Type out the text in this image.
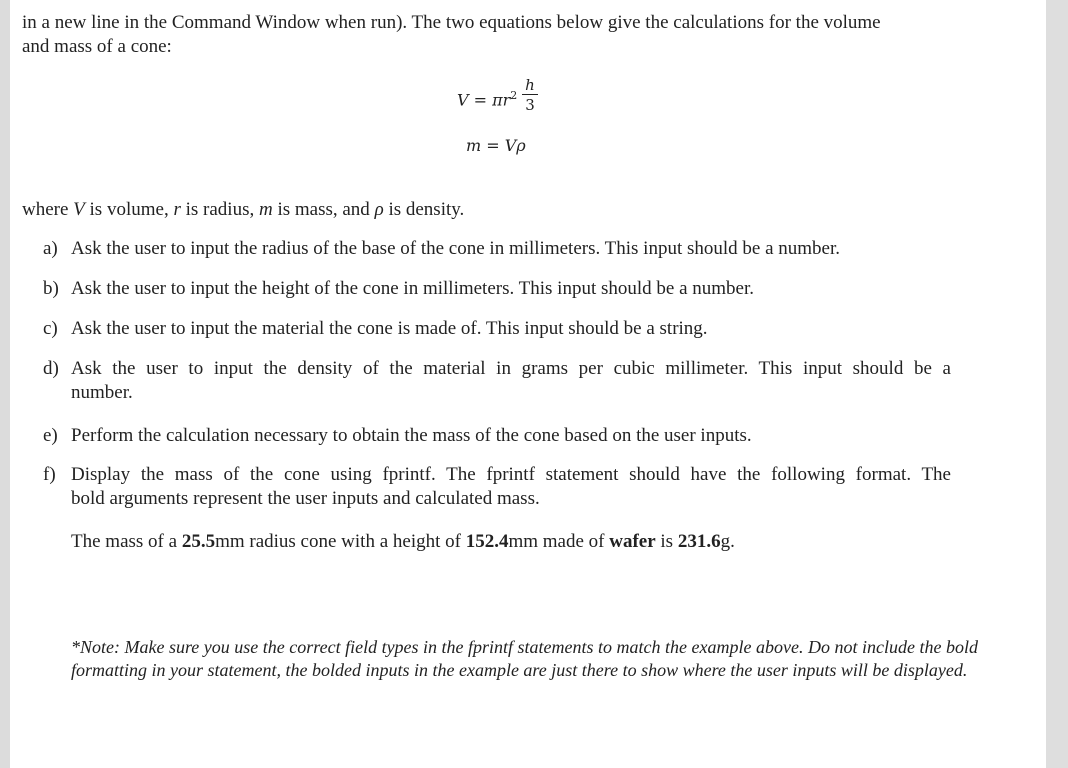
in a new line in the Command Window when run). The two equations below give the calculations for the volume
and mass of a cone:
$V = \pi r^2$
h
3
m = Vρ
where V is volume, r is radius, m is mass, and ρ is density.
a) Ask the user to input the radius of the base of the cone in millimeters. This input should be a number.
b) Ask the user to input the height of the cone in millimeters. This input should be a number.
c) Ask the user to input the material the cone is made of. This input should be a string.
d) Ask the user to input the density of the material in grams per cubic millimeter. This input should be a
number.
e) Perform the calculation necessary to obtain the mass of the cone based on the user inputs.
f) Display the mass of the cone using fprintf. The fprintf statement should have the following format. The
bold arguments represent the user inputs and calculated mass.
The mass of a 25.5mm radius cone with a height of 152.4mm made of wafer is 231.6g.
*Note: Make sure you use the correct field types in the fprintf statements to match the example above. Do not include the bold formatting in your statement, the bolded inputs in the example are just there to show where the user inputs will be displayed.
